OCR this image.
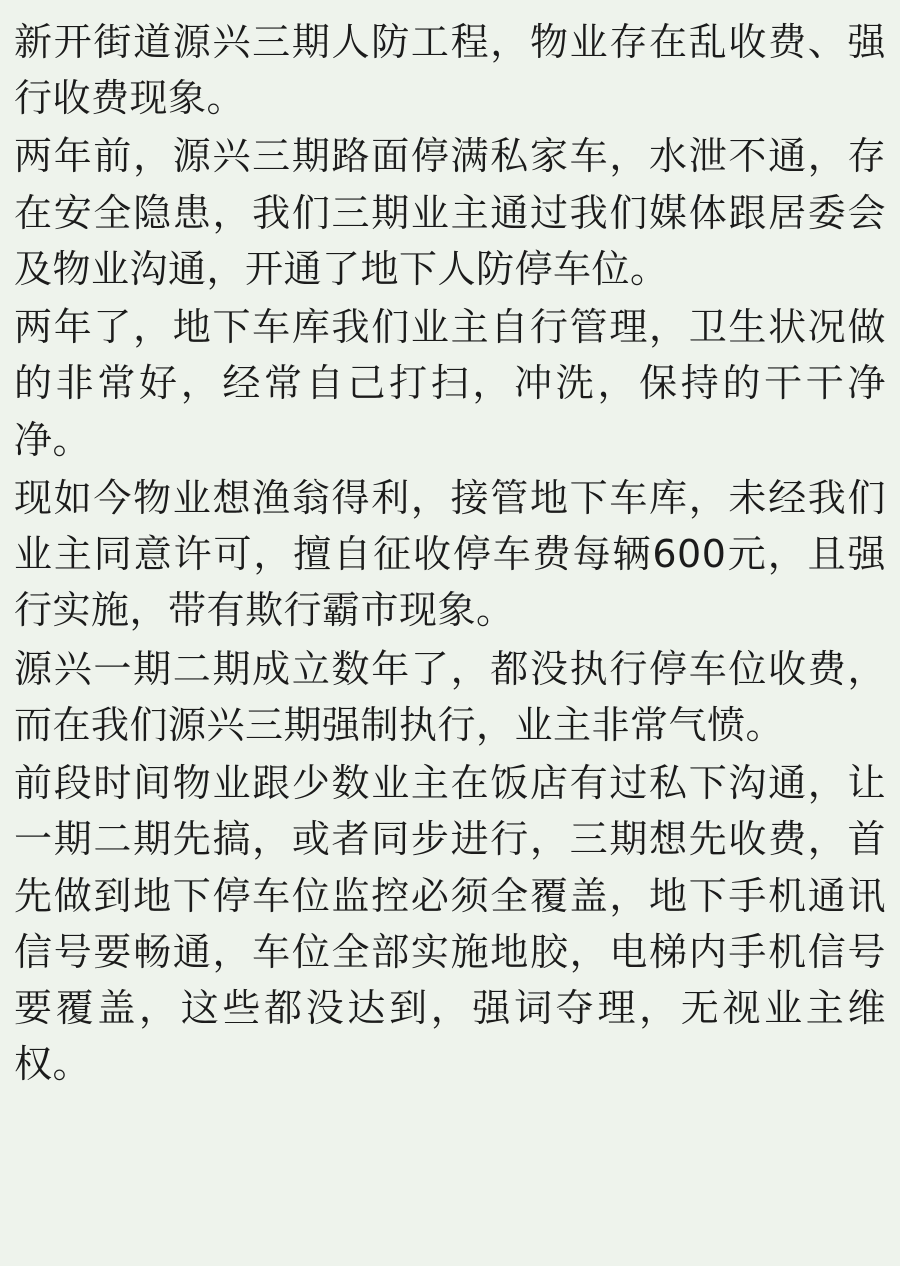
新开街道源兴三期人防工程，物业存在乱收费、强行收费现象。

两年前，源兴三期路面停满私家车，水泄不通，存在安全隐患，我们三期业主通过我们媒体跟居委会及物业沟通，开通了地下人防停车位。

两年了，地下车库我们业主自行管理，卫生状况做的非常好，经常自己打扫，冲洗，保持的干干净净。

现如今物业想渔翁得利，接管地下车库，未经我们业主同意许可，擅自征收停车费每辆600元，且强行实施，带有欺行霸市现象。

源兴一期二期成立数年了，都没执行停车位收费，而在我们源兴三期强制执行，业主非常气愤。

前段时间物业跟少数业主在饭店有过私下沟通，让一期二期先搞，或者同步进行，三期想先收费，首先做到地下停车位监控必须全覆盖，地下手机通讯信号要畅通，车位全部实施地胶，电梯内手机信号要覆盖，这些都没达到，强词夺理，无视业主维权。
